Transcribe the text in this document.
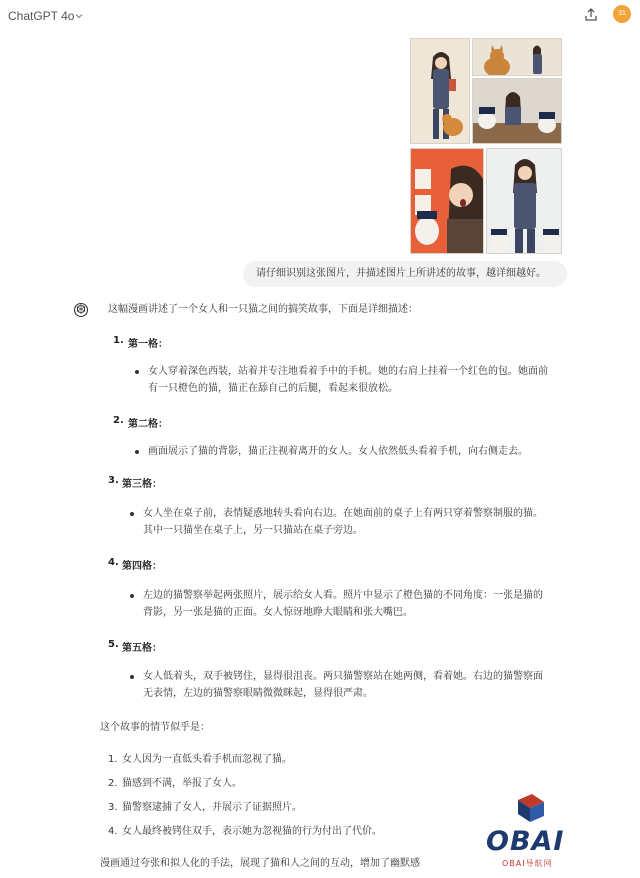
ChatGPT 4o	31
请仔细识别这张图片，并描述图片上所讲述的故事，越详细越好。
这幅漫画讲述了一个女人和一只猫之间的搞笑故事，下面是详细描述：
1. 第一格：
女人穿着深色西装，站着并专注地看着手中的手机。她的右肩上挂着一个红色的包。她面前
有一只橙色的猫，猫正在舔自己的后腿，看起来很放松。
2. 第二格：
画面展示了猫的背影，猫正注视着离开的女人。女人依然低头看着手机，向右侧走去。
3. 第三格：
女人坐在桌子前，表情疑惑地转头看向右边。在她面前的桌子上有两只穿着警察制服的猫。
其中一只猫坐在桌子上，另一只猫站在桌子旁边。
4. 第四格：
左边的猫警察举起两张照片，展示给女人看。照片中显示了橙色猫的不同角度：一张是猫的
背影，另一张是猫的正面。女人惊讶地睁大眼睛和张大嘴巴。
5. 第五格：
女人低着头，双手被铐住，显得很沮丧。两只猫警察站在她两侧，看着她。右边的猫警察面
无表情，左边的猫警察眼睛微微眯起，显得很严肃。
这个故事的情节似乎是：
1. 女人因为一直低头看手机而忽视了猫。
2. 猫感到不满，举报了女人。
3. 猫警察逮捕了女人，并展示了证据照片。
4. 女人最终被铐住双手，表示她为忽视猫的行为付出了代价。
漫画通过夸张和拟人化的手法，展现了猫和人之间的互动，增加了幽默感
OBAI
OBAI导航网
